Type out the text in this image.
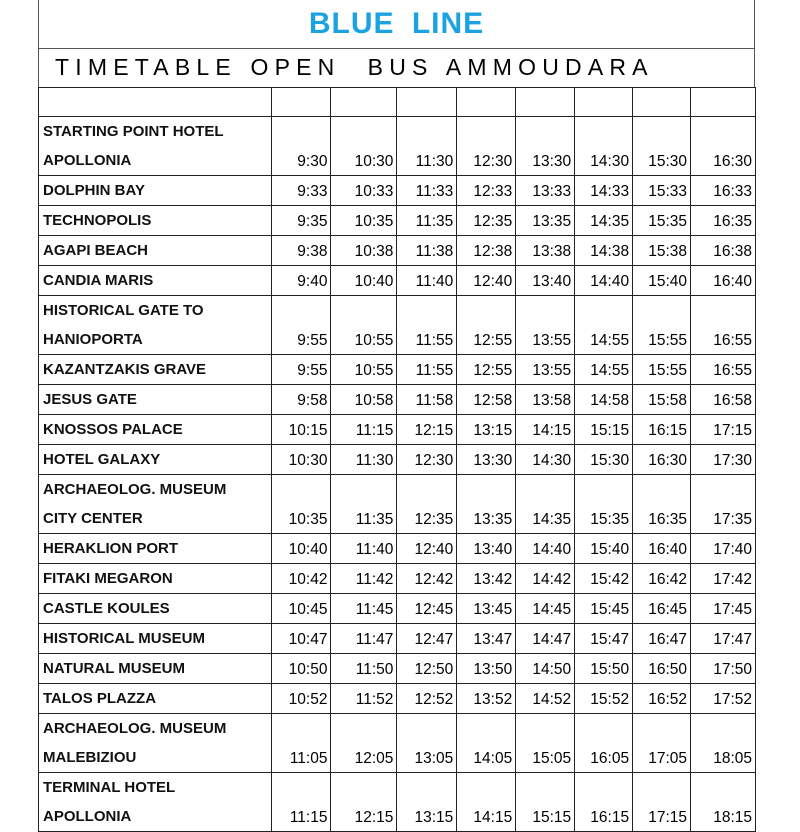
BLUE LINE
TIMETABLE OPEN  BUS AMMOUDARA

STARTING POINT HOTEL
APOLLONIA	9:30	10:30	11:30	12:30	13:30	14:30	15:30	16:30

DOLPHIN BAY	9:33	10:33	11:33	12:33	13:33	14:33	15:33	16:33

TECHNOPOLIS	9:35	10:35	11:35	12:35	13:35	14:35	15:35	16:35

AGAPI BEACH	9:38	10:38	11:38	12:38	13:38	14:38	15:38	16:38

CANDIA MARIS	9:40	10:40	11:40	12:40	13:40	14:40	15:40	16:40

HISTORICAL GATE TO
HANIOPORTA	9:55	10:55	11:55	12:55	13:55	14:55	15:55	16:55

KAZANTZAKIS GRAVE	9:55	10:55	11:55	12:55	13:55	14:55	15:55	16:55

JESUS GATE	9:58	10:58	11:58	12:58	13:58	14:58	15:58	16:58

KNOSSOS PALACE	10:15	11:15	12:15	13:15	14:15	15:15	16:15	17:15

HOTEL GALAXY	10:30	11:30	12:30	13:30	14:30	15:30	16:30	17:30

ARCHAEOLOG. MUSEUM
CITY CENTER	10:35	11:35	12:35	13:35	14:35	15:35	16:35	17:35

HERAKLION PORT	10:40	11:40	12:40	13:40	14:40	15:40	16:40	17:40

FITAKI MEGARON	10:42	11:42	12:42	13:42	14:42	15:42	16:42	17:42

CASTLE KOULES	10:45	11:45	12:45	13:45	14:45	15:45	16:45	17:45

HISTORICAL MUSEUM	10:47	11:47	12:47	13:47	14:47	15:47	16:47	17:47

NATURAL MUSEUM	10:50	11:50	12:50	13:50	14:50	15:50	16:50	17:50

TALOS PLAZZA	10:52	11:52	12:52	13:52	14:52	15:52	16:52	17:52

ARCHAEOLOG. MUSEUM
MALEBIZIOU	11:05	12:05	13:05	14:05	15:05	16:05	17:05	18:05

TERMINAL HOTEL
APOLLONIA	11:15	12:15	13:15	14:15	15:15	16:15	17:15	18:15
